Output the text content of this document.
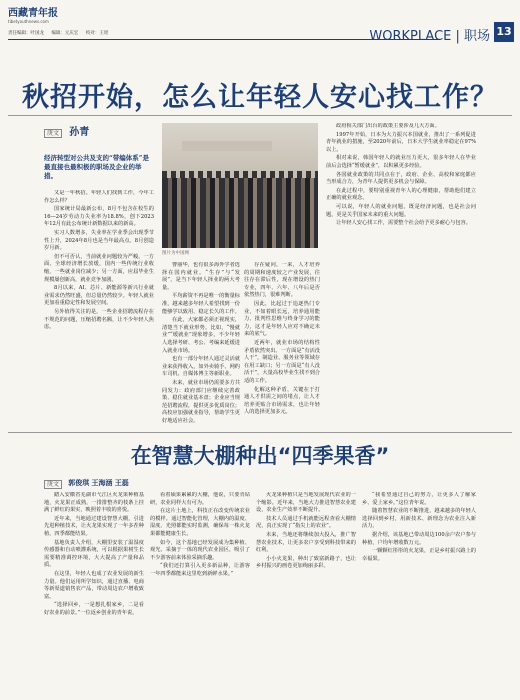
西藏青年报
tibetyouthnews.com
责任编辑：叶国龙 编辑：元庆宏 校对：王瑶	WORKPLACE | 职场 13
秋招开始，怎么让年轻人安心找工作？
庚文 孙青
经济转型对公共及支的“带编体系”是最直接也最积极的职场及企业的举措。

又是一年秋招。年轻人们找到工作，今年工作怎么样？

国家统计局最新公布，8月不包含在校生的16—24岁劳动力失业率为18.8%，创下2023年12月有此公布统计新数据以来的新高。

实习人数增多，失业率在学业季会出现季节性上升，2024年8月也是当年最高点。8月创造岁月新。

但不可否认，当前就业问题较为严峻。一方面，全球经济增长放缓，国内一些传统行业收缩，一些就业岗位减少；另一方面，应届毕业生规模屡创新高，就业竞争加剧。

8月以来，AI、芯片、新能源等新兴行业就业需求仍然旺盛，但总量仍然较少。年轻人就业更加看重稳定性和发展空间。

另外值得关注的是，一些企业招聘流程存在不规范的问题，压缩招聘名额，让不少年轻人焦虑。

图片为中国网

曹丽华，也有很多海外学者选择在国内就业。“生存”与“发展”，是当下年轻人择业的两大考量。

平均薪资不再是唯一的衡量标准，越来越多年轻人希望找到一份能够学以致用、稳定长久的工作。

在此，大家都必须正视现实，清楚当下就业形势。比如，“慢就业”“缓就业”现象增多，不少年轻人选择考研、考公、考编来延缓进入就业市场。

也有一部分年轻人通过灵活就业来获得收入，如外卖骑手、网约车司机、自媒体博主等新职业。

未来，就业市场仍需要多方共同发力：政府部门应继续完善政策、稳住就业基本盘；企业应当规范招聘流程，提供更多优质岗位；高校应加强就业指导，帮助学生更好地适应社会。

存在疑问，一来，人才培养的周期和速度较之产业发展，往往存在滞后性，现在增设的热门专业，四年、六年、八年后是否依然热门，很难判断。

因此，比起过于追逐热门专业，不如着眼长远，培养通用能力、批判性思维与终身学习的能力，这才是年轻人应对不确定未来的底气。

近两年，就业市场的结构性矛盾依然突出。一方面是“有活没人干”，制造业、服务业等领域存在用工缺口；另一方面是“有人没活干”，大量高校毕业生找不到合适的工作。

化解这种矛盾，关键在于打通人才供需之间的堵点，让人才培养更贴合市场需求，也让年轻人的选择更加多元。

政府相关部门出台的政策主要涉及几大方面。

1997年开始，日本为大力振兴本国就业，推出了一系列促进青年就业的措施，至2020年前后，日本大学生就业率稳定在97%以上。

相对来说，韩国年轻人的就业压力更大，很多年轻人在毕业前后会选择“暂缓就业”，以积累更多经验。

各国就业政策的共同点在于，政府、企业、高校和家庭都应当形成合力，为青年人提供更多机会与保障。

在此过程中，要特别重视青年人的心理健康，帮助他们建立正确的就业观念。

可以说，年轻人的就业问题，既是经济问题，也是社会问题，更是关乎国家未来的重大问题。

让年轻人安心找工作，需要整个社会给予更多耐心与包容。

在智慧大棚种出“四季果香”
庚文 郭俊琪 王海涵 王磊

踏入安徽省芜湖市弋江区火龙果种植基地，火龙果正成熟，一排排整齐的枝条上挂满了鲜红的果实，映照着丰收的喜悦。

近年来，当地通过建设智慧大棚，引进先进种植技术，让火龙果实现了一年多茬种植，四季都能结果。

基地负责人介绍，大棚里安装了温湿度传感器和自动喷灌系统，可以根据果树生长需要精准调控环境，大大提高了产量和品质。

在这里，年轻人也成了农业发展的新生力量。他们运用所学知识，通过直播、电商等新渠道销售农产品，带动周边农户增收致富。

“选择回乡，一是想扎根家乡，二是看好农业的前景。”一位返乡创业的青年说。

看着硕果累累的大棚，他说，只要肯钻研，农业同样大有可为。

在这片土地上，科技正在改变传统农业的模样。通过智能化管理，大棚内的温度、湿度、光照都能实时监测，确保每一株火龙果都能健康生长。

如今，这个基地已经发展成为集种植、观光、采摘于一体的现代农业园区，吸引了不少游客前来体验采摘乐趣。

“我们还打算引入更多新品种，让游客一年四季都能来这里吃到新鲜水果。”

火龙果种植只是当地发展现代农业的一个缩影。近年来，当地大力推进智慧农业建设，农业生产效率不断提升。

技术人员通过手机就能远程查看大棚情况，真正实现了“指尖上的农业”。

未来，当地还将继续加大投入，推广智慧农业技术，让更多农户享受到科技带来的红利。

小小火龙果，种出了致富新路子，也让乡村振兴的画卷更加绚丽多彩。

“我希望通过自己的努力，让更多人了解家乡、爱上家乡。”这位青年说。

随着智慧农业的不断推进，越来越多的年轻人选择回到乡村，用新技术、新理念为农业注入新活力。

据介绍，该基地已带动周边100余户农户参与种植，户均年增收数万元。

一颗颗红彤彤的火龙果，正是乡村振兴路上的幸福果。
